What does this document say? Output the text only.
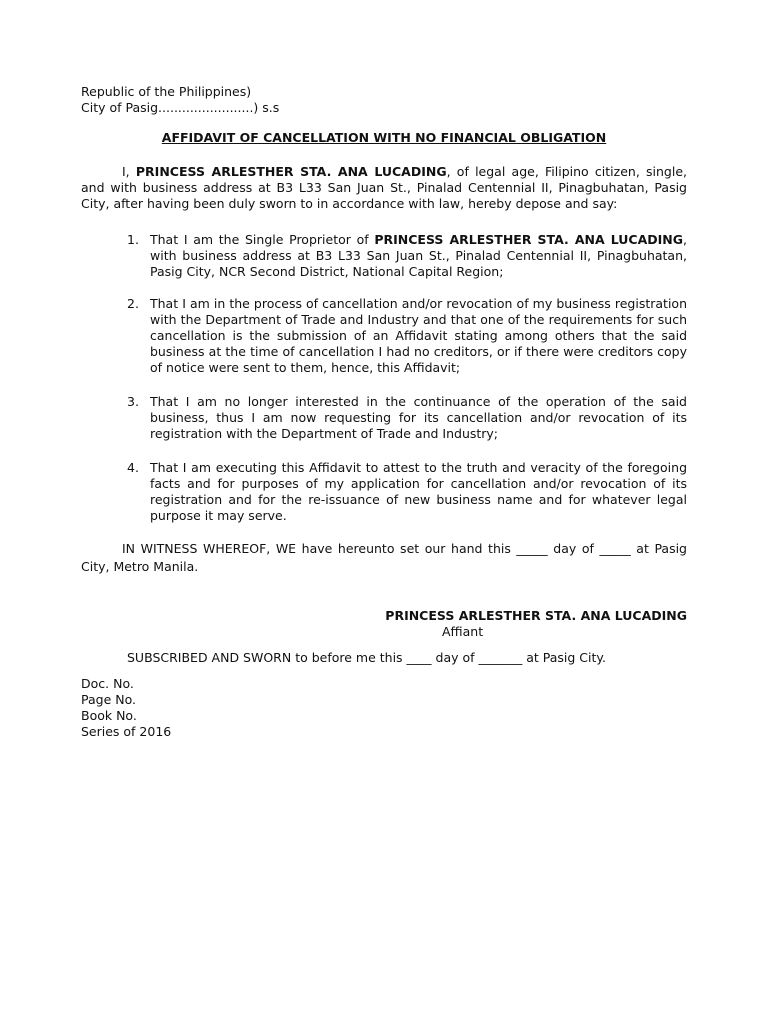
Republic of the Philippines)
City of Pasig........................) s.s
AFFIDAVIT OF CANCELLATION WITH NO FINANCIAL OBLIGATION

I, PRINCESS ARLESTHER STA. ANA LUCADING, of legal age, Filipino citizen, single, and with business address at B3 L33 San Juan St., Pinalad Centennial II, Pinagbuhatan, Pasig City, after having been duly sworn to in accordance with law, hereby depose and say:

1. That I am the Single Proprietor of PRINCESS ARLESTHER STA. ANA LUCADING, with business address at B3 L33 San Juan St., Pinalad Centennial II, Pinagbuhatan, Pasig City, NCR Second District, National Capital Region;
2. That I am in the process of cancellation and/or revocation of my business registration with the Department of Trade and Industry and that one of the requirements for such cancellation is the submission of an Affidavit stating among others that the said business at the time of cancellation I had no creditors, or if there were creditors copy of notice were sent to them, hence, this Affidavit;
3. That I am no longer interested in the continuance of the operation of the said business, thus I am now requesting for its cancellation and/or revocation of its registration with the Department of Trade and Industry;
4. That I am executing this Affidavit to attest to the truth and veracity of the foregoing facts and for purposes of my application for cancellation and/or revocation of its registration and for the re-issuance of new business name and for whatever legal purpose it may serve.

IN WITNESS WHEREOF, WE have hereunto set our hand this _____ day of _____ at Pasig City, Metro Manila.

PRINCESS ARLESTHER STA. ANA LUCADING
Affiant
SUBSCRIBED AND SWORN to before me this ____ day of _______ at Pasig City.
Doc. No.
Page No.
Book No.
Series of 2016
